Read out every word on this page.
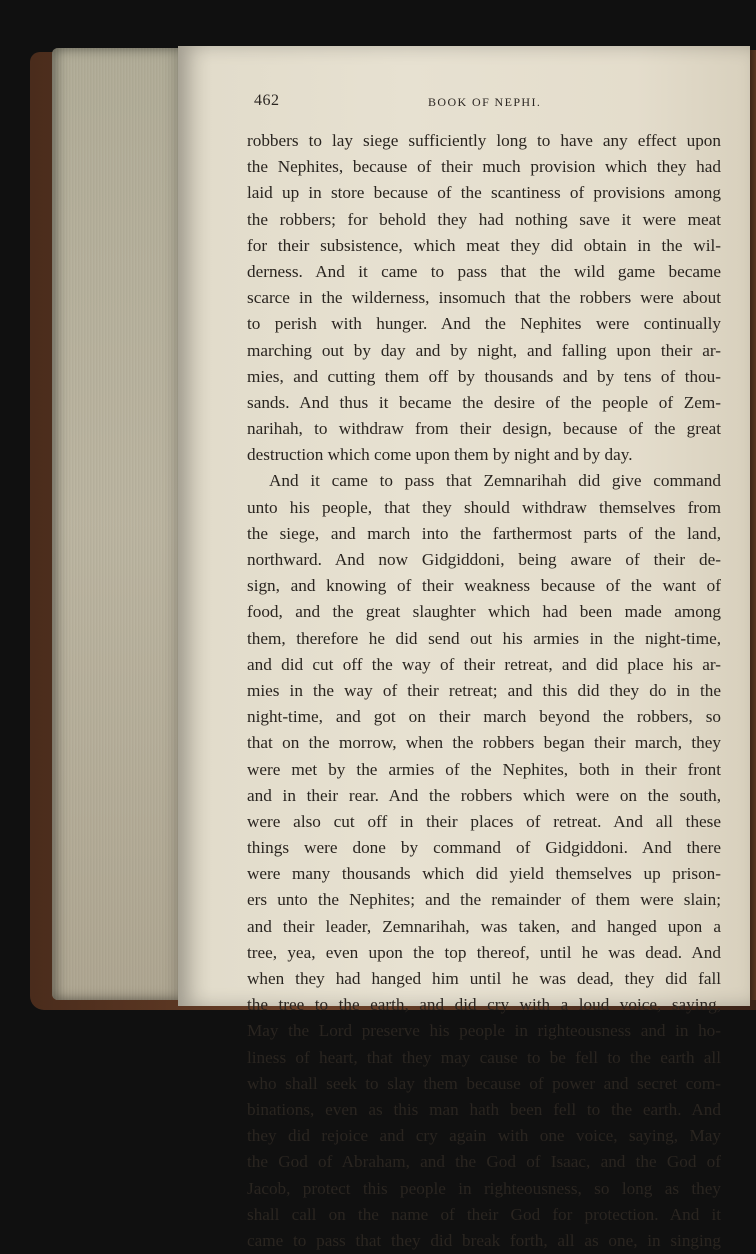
462	BOOK OF NEPHI.
robbers to lay siege sufficiently long to have any effect upon
the Nephites, because of their much provision which they had
laid up in store because of the scantiness of provisions among
the robbers; for behold they had nothing save it were meat
for their subsistence, which meat they did obtain in the wil-
derness. And it came to pass that the wild game became
scarce in the wilderness, insomuch that the robbers were about
to perish with hunger. And the Nephites were continually
marching out by day and by night, and falling upon their ar-
mies, and cutting them off by thousands and by tens of thou-
sands. And thus it became the desire of the people of Zem-
narihah, to withdraw from their design, because of the great
destruction which come upon them by night and by day.
And it came to pass that Zemnarihah did give command
unto his people, that they should withdraw themselves from
the siege, and march into the farthermost parts of the land,
northward. And now Gidgiddoni, being aware of their de-
sign, and knowing of their weakness because of the want of
food, and the great slaughter which had been made among
them, therefore he did send out his armies in the night-time,
and did cut off the way of their retreat, and did place his ar-
mies in the way of their retreat; and this did they do in the
night-time, and got on their march beyond the robbers, so
that on the morrow, when the robbers began their march, they
were met by the armies of the Nephites, both in their front
and in their rear. And the robbers which were on the south,
were also cut off in their places of retreat. And all these
things were done by command of Gidgiddoni. And there
were many thousands which did yield themselves up prison-
ers unto the Nephites; and the remainder of them were slain;
and their leader, Zemnarihah, was taken, and hanged upon a
tree, yea, even upon the top thereof, until he was dead. And
when they had hanged him until he was dead, they did fall
the tree to the earth, and did cry with a loud voice, saying,
May the Lord preserve his people in righteousness and in ho-
liness of heart, that they may cause to be fell to the earth all
who shall seek to slay them because of power and secret com-
binations, even as this man hath been fell to the earth. And
they did rejoice and cry again with one voice, saying, May
the God of Abraham, and the God of Isaac, and the God of
Jacob, protect this people in righteousness, so long as they
shall call on the name of their God for protection. And it
came to pass that they did break forth, all as one, in singing
